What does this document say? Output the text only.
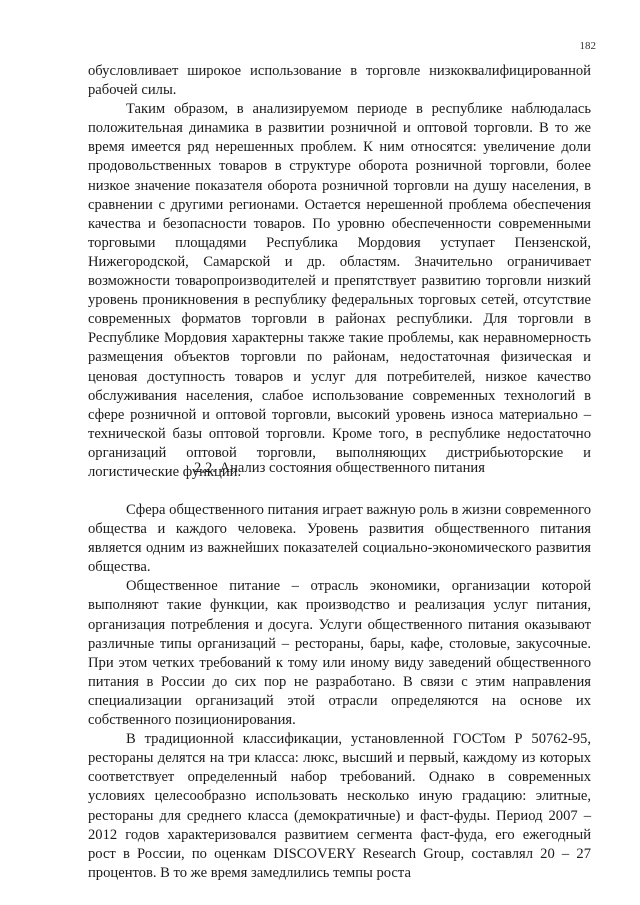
182

обусловливает широкое использование в торговле низкоквалифицированной рабочей силы.

Таким образом, в анализируемом периоде в республике наблюдалась положительная динамика в развитии розничной и оптовой торговли. В то же время имеется ряд нерешенных проблем. К ним относятся: увеличение доли продовольственных товаров в структуре оборота розничной торговли, более низкое значение показателя оборота розничной торговли на душу населения, в сравнении с другими регионами. Остается нерешенной проблема обеспечения качества и безопасности товаров. По уровню обеспеченности современными торговыми площадями Республика Мордовия уступает Пензенской, Нижегородской, Самарской и др. областям. Значительно ограничивает возможности товаропроизводителей и препятствует развитию торговли низкий уровень проникновения в республику федеральных торговых сетей, отсутствие современных форматов торговли в районах республики. Для торговли в Республике Мордовия характерны также такие проблемы, как неравномерность размещения объектов торговли по районам, недостаточная физическая и ценовая доступность товаров и услуг для потребителей, низкое качество обслуживания населения, слабое использование современных технологий в сфере розничной и оптовой торговли, высокий уровень износа материально – технической базы оптовой торговли. Кроме того, в республике недостаточно организаций оптовой торговли, выполняющих дистрибьюторские и логистические функции.

2.2. Анализ состояния общественного питания

Сфера общественного питания играет важную роль в жизни современного общества и каждого человека. Уровень развития общественного питания является одним из важнейших показателей социально-экономического развития общества.

Общественное питание – отрасль экономики, организации которой выполняют такие функции, как производство и реализация услуг питания, организация потребления и досуга. Услуги общественного питания оказывают различные типы организаций – рестораны, бары, кафе, столовые, закусочные. При этом четких требований к тому или иному виду заведений общественного питания в России до сих пор не разработано. В связи с этим направления специализации организаций этой отрасли определяются на основе их собственного позиционирования.

В традиционной классификации, установленной ГОСТом Р 50762-95, рестораны делятся на три класса: люкс, высший и первый, каждому из которых соответствует определенный набор требований. Однако в современных условиях целесообразно использовать несколько иную градацию: элитные, рестораны для среднего класса (демократичные) и фаст-фуды. Период 2007 – 2012 годов характеризовался развитием сегмента фаст-фуда, его ежегодный рост в России, по оценкам DISCOVERY Research Group, составлял 20 – 27 процентов. В то же время замедлились темпы роста
